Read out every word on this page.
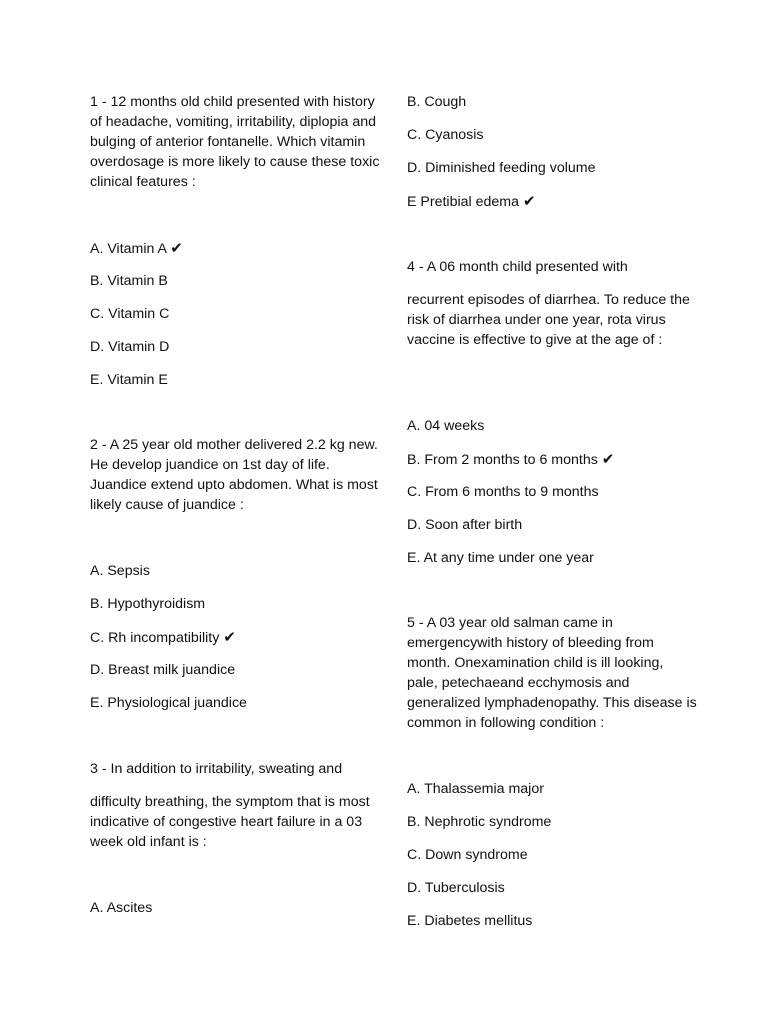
1 - 12 months old child presented with history of headache, vomiting, irritability, diplopia and bulging of anterior fontanelle. Which vitamin overdosage is more likely to cause these toxic clinical features :

A. Vitamin A ✔
B. Vitamin B
C. Vitamin C
D. Vitamin D
E. Vitamin E

2 - A 25 year old mother delivered 2.2 kg new. He develop juandice on 1st day of life. Juandice extend upto abdomen. What is most likely cause of juandice :

A. Sepsis
B. Hypothyroidism
C. Rh incompatibility ✔
D. Breast milk juandice
E. Physiological juandice
3 - In addition to irritability, sweating and

difficulty breathing, the symptom that is most indicative of congestive heart failure in a 03 week old infant is :

A. Ascites
B. Cough
C. Cyanosis
D. Diminished feeding volume
E Pretibial edema ✔
4 - A 06 month child presented with

recurrent episodes of diarrhea. To reduce the risk of diarrhea under one year, rota virus vaccine is effective to give at the age of :

A. 04 weeks
B. From 2 months to 6 months ✔
C. From 6 months to 9 months
D. Soon after birth
E. At any time under one year

5 - A 03 year old salman came in emergencywith history of bleeding from month. Onexamination child is ill looking, pale, petechaeand ecchymosis and generalized lymphadenopathy. This disease is common in following condition :

A. Thalassemia major
B. Nephrotic syndrome
C. Down syndrome
D. Tuberculosis
E. Diabetes mellitus
